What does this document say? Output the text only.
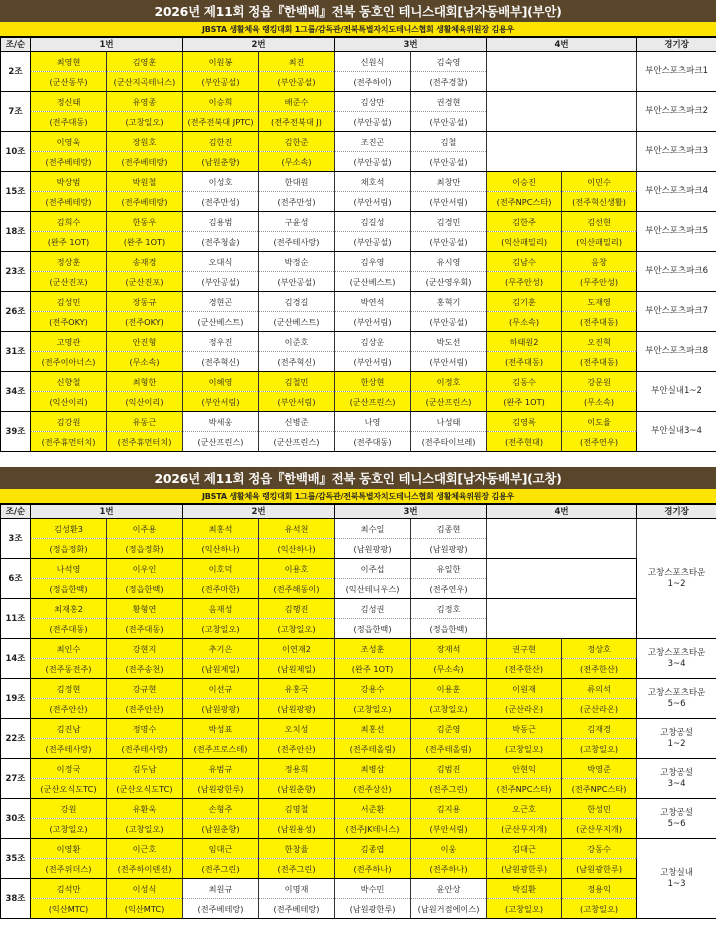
2026년 제11회 정읍『한백배』전북 동호인 테니스대회[남자동배부](부안)
JBSTA 생활체육 랭킹대회 1그룹/감독관/전북특별자치도테니스협회 생활체육위원장 김용우
조/순	1번		2번		3번		4번		경기장
2조	최영현	김영훈	이원봉	최진	신원식	김숙영			부안스포츠파크1
	(군산동부)	(군산지곡테니스)	(부안공설)	(부안공설)	(전주하이)	(전주경찰)			
7조	정신태	유영종	이승희	배준수	김상만	권경현			부안스포츠파크2
	(전주대동)	(고창일오)	(전주전북대 JPTC)	(전주전북대 J)	(부안공설)	(부안공설)			
10조	이영욱	장원호	김한진	김한준	조진곤	김철			부안스포츠파크3
	(전주베테랑)	(전주베테랑)	(남원춘향)	(무소속)	(부안공설)	(부안공설)			
15조	박상범	박원철	이성호	한대원	채호석	최창만	이승진	이민수	부안스포츠파크4
	(전주베테랑)	(전주베테랑)	(전주만성)	(전주만성)	(부안서림)	(부안서림)	(전주NPC스타)	(전주혁신생활)	
18조	김희수	한동우	김용범	구윤성	김길성	김경민	김한주	김선현	부안스포츠파크5
	(완주 1OT)	(완주 1OT)	(전주청솔)	(전주테사랑)	(부안공설)	(부안공설)	(익산패밀리)	(익산패밀리)	
23조	정상훈	송재경	오대식	박정순	김우영	유시영	김남수	음창	부안스포츠파크6
	(군산진포)	(군산진포)	(부안공설)	(부안공설)	(군산베스트)	(군산영우회)	(무주안성)	(무주안성)	
26조	김성민	장동규	경현곤	김경길	박연석	홍혁기	김기훈	도재영	부안스포츠파크7
	(전주OKY)	(전주OKY)	(군산베스트)	(군산베스트)	(부안서림)	(부안공설)	(무소속)	(전주대동)	
31조	고명관	안진형	정우진	이준호	김상운	박도선	하태원2	오진혁	부안스포츠파크8
	(전주이아너스)	(무소속)	(전주혁신)	(전주혁신)	(부안서림)	(부안서림)	(전주대동)	(전주대동)	
34조	신향철	최형한	이혜영	김철민	한상현	이정호	김동수	강문원	부안실내1~2
	(익산이리)	(익산이리)	(부안서림)	(부안서림)	(군산프린스)	(군산프린스)	(완주 1OT)	(무소속)	
39조	김강원	유동근	박세웅	신병준	나영	나성태	김영록	이도율	부안실내3~4
	(전주휴먼터치)	(전주휴먼터치)	(군산프린스)	(군산프린스)	(전주대동)	(전주타이브레)	(전주현대)	(전주연우)	
2026년 제11회 정읍『한백배』전북 동호인 테니스대회[남자동배부](고창)
JBSTA 생활체육 랭킹대회 1그룹/감독관/전북특별자치도테니스협회 생활체육위원장 김용우
조/순	1번		2번		3번		4번		경기장
3조	김성환3	이주용	최홍석	유석천	최수일	김종현			고창스포츠타운
1~2
	(정읍정화)	(정읍정화)	(익산하나)	(익산하나)	(남원팡팡)	(남원팡팡)			
6조	나석영	이우인	이호덕	이용호	이주섭	유일한			
	(정읍한백)	(정읍한백)	(전주마한)	(전주해동이)	(익산테니우스)	(전주연우)			
11조	최재홍2	황형연	음재성	김행진	김성권	김정호			
	(전주대동)	(전주대동)	(고창일오)	(고창일오)	(정읍한백)	(정읍한백)			
14조	최인수	강현지	추기은	이연재2	조성훈	장재석	권구현	정상호	고창스포츠타운
3~4
	(전주동전주)	(전주송천)	(남원제일)	(남원제일)	(완주 1OT)	(무소속)	(전주한산)	(전주한산)	
19조	김정현	강규현	이선규	유홍국	강용수	이용훈	이원재	류의석	고창스포츠타운
5~6
	(전주안산)	(전주안산)	(남원팡팡)	(남원팡팡)	(고창일오)	(고창일오)	(군산라온)	(군산라온)	
22조	김진남	정명수	박성표	오치성	최홍선	김준영	박동근	김재경	고창공설
1~2
	(전주테사랑)	(전주테사랑)	(전주프로스테)	(전주안산)	(전주테올림)	(전주테올림)	(고창일오)	(고창일오)	
27조	이정국	김두남	유범규	정용희	최병삼	김범진	안현익	박영준	고창공설
3~4
	(군산오식도TC)	(군산오식도TC)	(남원광한루)	(남원춘향)	(전주상산)	(전주그린)	(전주NPC스타)	(전주NPC스타)	
30조	강원	유환욱	손형주	김명철	서준환	김지용	오근호	한성민	고창공설
5~6
	(고창일오)	(고창일오)	(남원춘향)	(남원용성)	(전주JK테니스)	(부안서림)	(군산무지개)	(군산무지개)	
35조	이영환	이근호	임대근	한창율	김종엽	이웅	김대근	강동수	고창실내
1~3
	(전주위더스)	(전주하이텐션)	(전주그린)	(전주그린)	(전주하나)	(전주하나)	(남원광한루)	(남원광한루)	
38조	김석만	이성식	최원규	이명재	박수민	윤안상	박길환	정용익	
	(익산MTC)	(익산MTC)	(전주베테랑)	(전주베테랑)	(남원광한루)	(남원거점에이스)	(고창일오)	(고창일오)	
